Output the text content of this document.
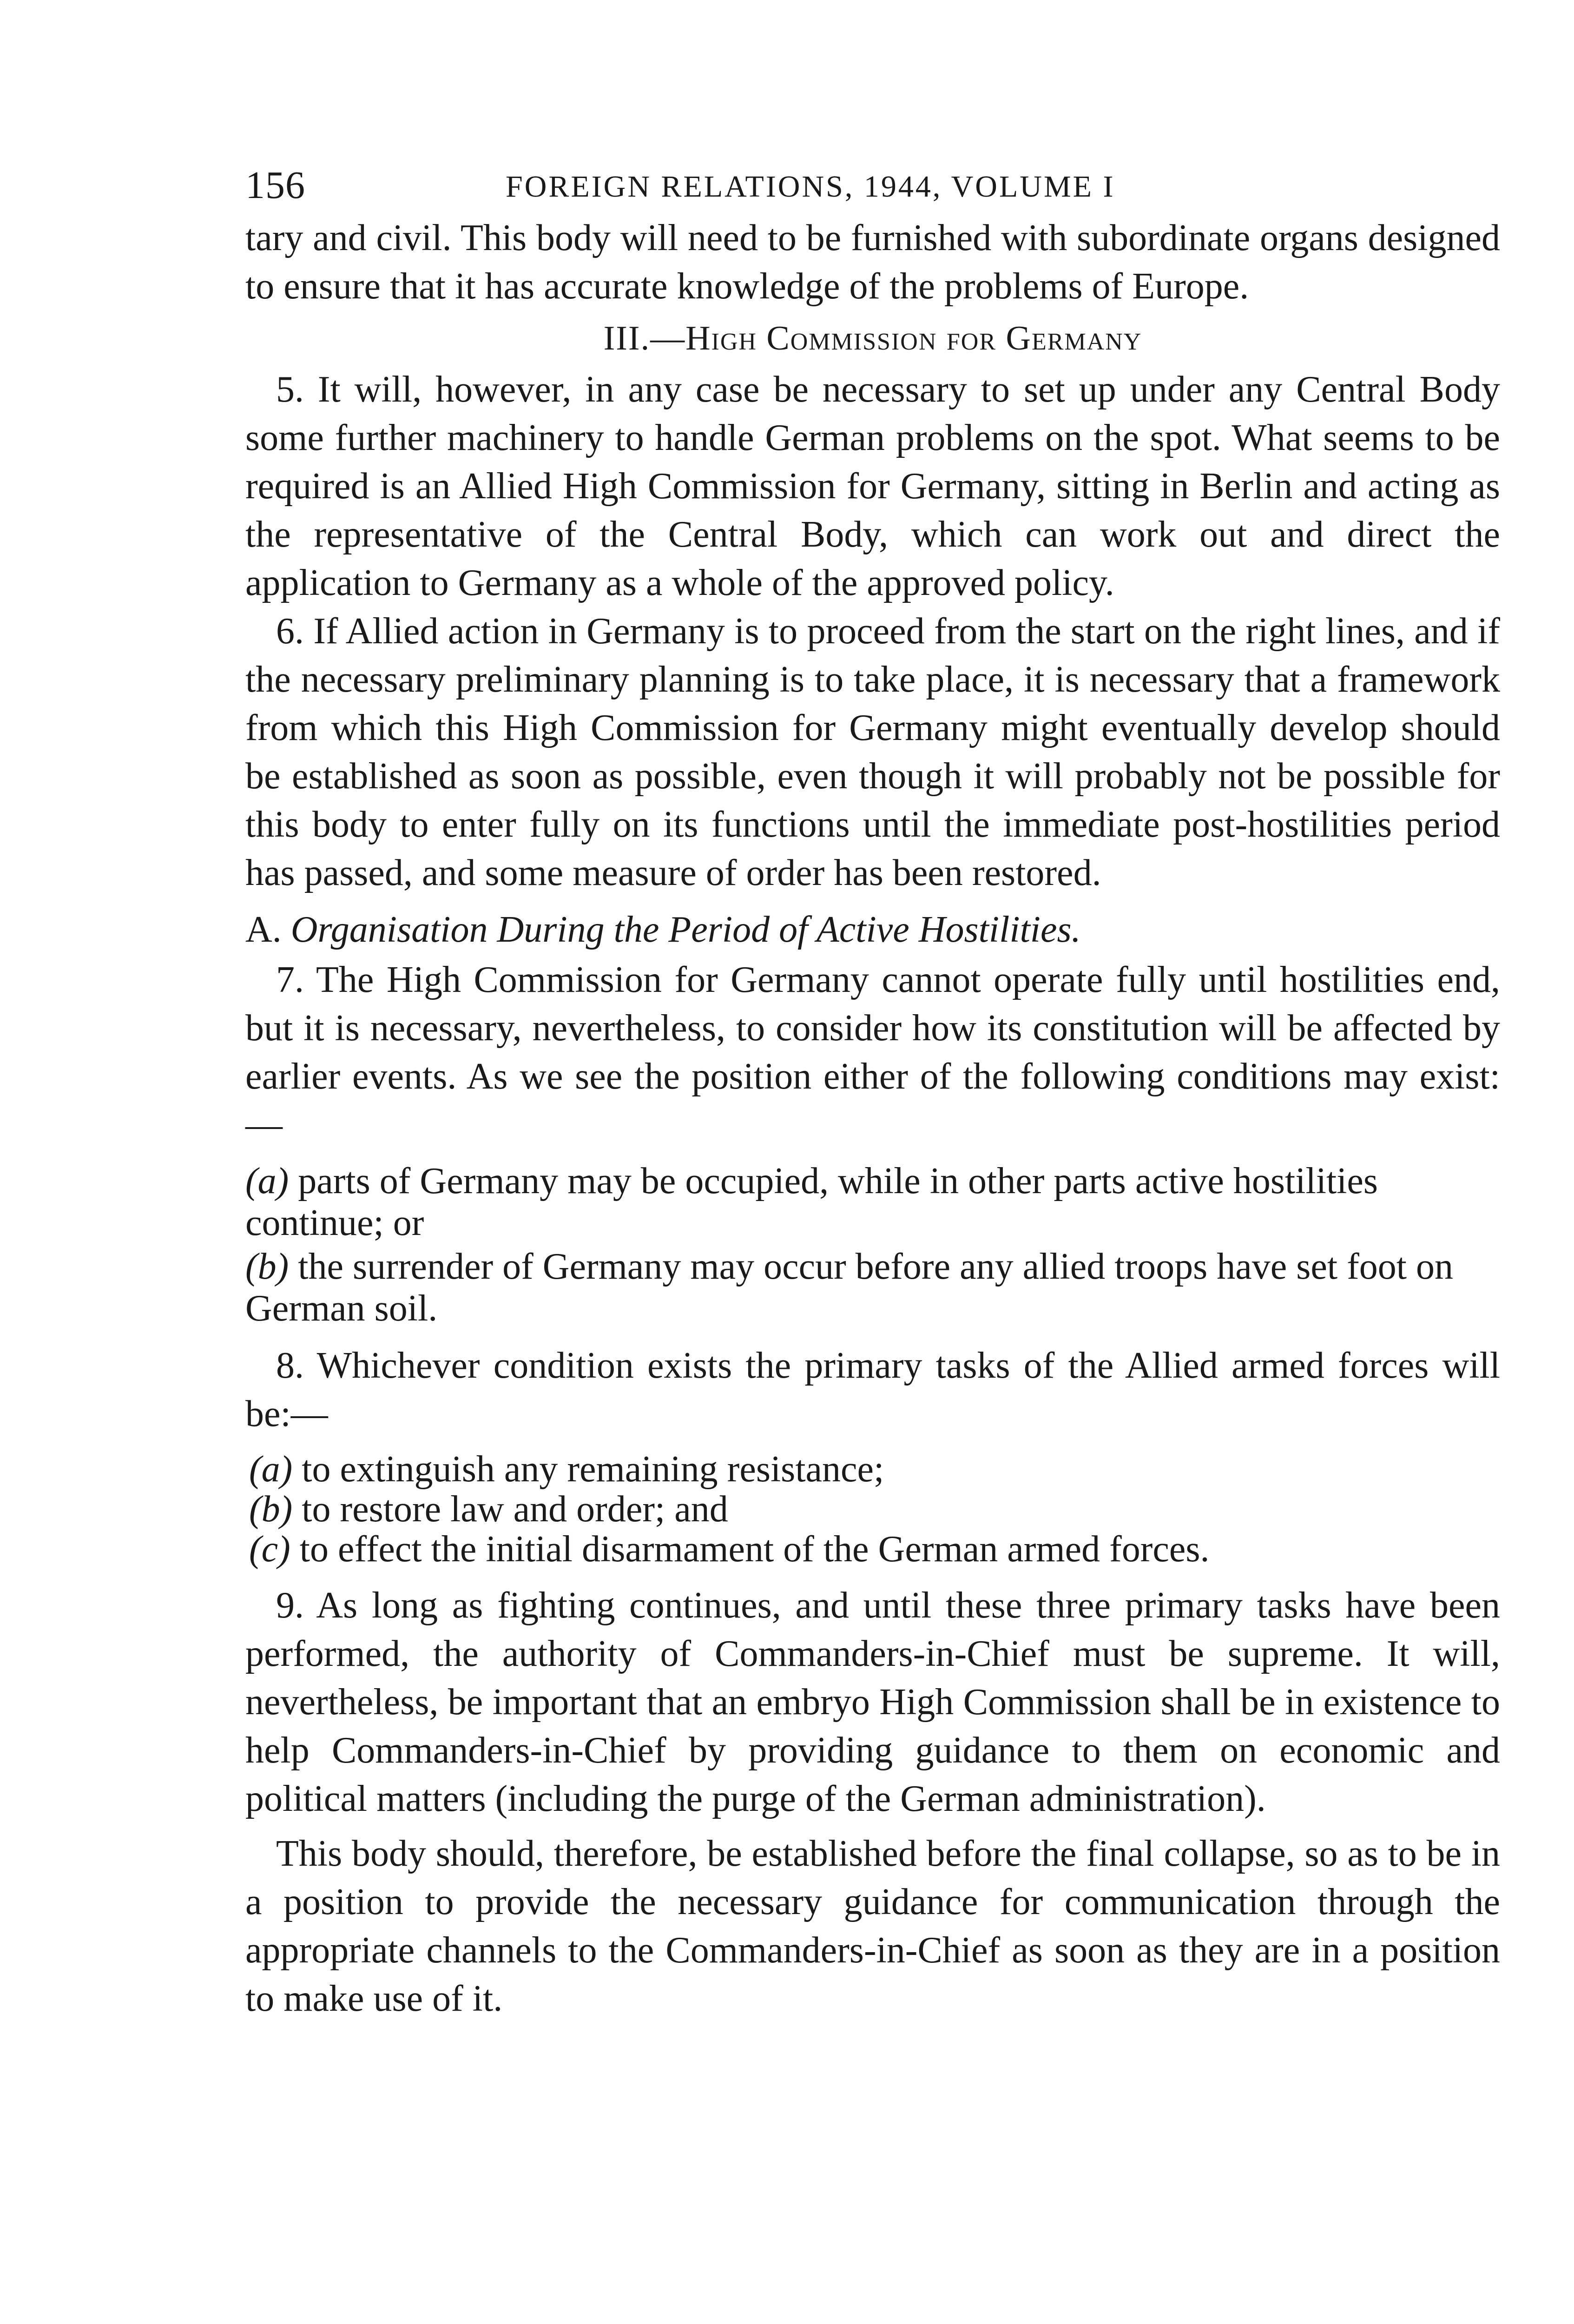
156	FOREIGN RELATIONS, 1944, VOLUME I

tary and civil. This body will need to be furnished with subordinate organs designed to ensure that it has accurate knowledge of the problems of Europe.

III.—High Commission for Germany

5. It will, however, in any case be necessary to set up under any Central Body some further machinery to handle German problems on the spot. What seems to be required is an Allied High Commission for Germany, sitting in Berlin and acting as the representative of the Central Body, which can work out and direct the application to Germany as a whole of the approved policy.

6. If Allied action in Germany is to proceed from the start on the right lines, and if the necessary preliminary planning is to take place, it is necessary that a framework from which this High Commission for Germany might eventually develop should be established as soon as possible, even though it will probably not be possible for this body to enter fully on its functions until the immediate post-hostilities period has passed, and some measure of order has been restored.

A. Organisation During the Period of Active Hostilities.

7. The High Commission for Germany cannot operate fully until hostilities end, but it is necessary, nevertheless, to consider how its constitution will be affected by earlier events. As we see the position either of the following conditions may exist:—

(a) parts of Germany may be occupied, while in other parts active hostilities continue; or
(b) the surrender of Germany may occur before any allied troops have set foot on German soil.

8. Whichever condition exists the primary tasks of the Allied armed forces will be:—

(a) to extinguish any remaining resistance;
(b) to restore law and order; and
(c) to effect the initial disarmament of the German armed forces.

9. As long as fighting continues, and until these three primary tasks have been performed, the authority of Commanders-in-Chief must be supreme. It will, nevertheless, be important that an embryo High Commission shall be in existence to help Commanders-in-Chief by providing guidance to them on economic and political matters (including the purge of the German administration).

This body should, therefore, be established before the final collapse, so as to be in a position to provide the necessary guidance for communication through the appropriate channels to the Commanders-in-Chief as soon as they are in a position to make use of it.
